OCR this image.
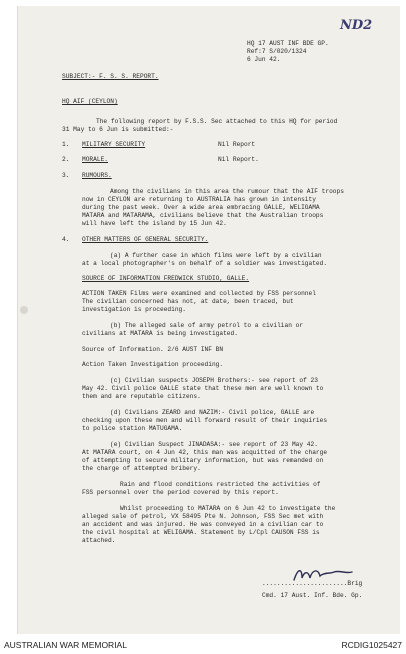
ND2
HQ 17 AUST INF BDE GP.
Ref:7 S/020/1324
6 Jun 42.
SUBJECT:- F. S. S. REPORT.
HQ AIF (CEYLON)
The following report by F.S.S. Sec attached to this HQ for period
31 May to 6 Jun is submitted:-
1. MILITARY SECURITY	Nil Report
2. MORALE.	Nil Report.
3. RUMOURS.
Among the civilians in this area the rumour that the AIF troops
now in CEYLON are returning to AUSTRALIA has grown in intensity
during the past week. Over a wide area embracing GALLE, WELIGAMA
MATARA and MATARAMA, civilians believe that the Australian troops
will have left the island by 15 Jun 42.
4. OTHER MATTERS OF GENERAL SECURITY.
(a) A further case in which films were left by a civilian
at a local photographer's on behalf of a soldier was investigated.
SOURCE OF INFORMATION FREDWICK STUDIO, GALLE.
ACTION TAKEN Films were examined and collected by FSS personnel
The civilian concerned has not, at date, been traced, but
investigation is proceeding.
(b) The alleged sale of army petrol to a civilian or
civilians at MATARA is being investigated.
Source of Information. 2/6 AUST INF BN
Action Taken Investigation proceeding.
(c) Civilian suspects JOSEPH Brothers:- see report of 23
May 42. Civil police GALLE state that these men are well known to
them and are reputable citizens.
(d) Civilians ZEARD and NAZIM:- Civil police, GALLE are
checking upon these men and will forward result of their inquiries
to police station MATUGAMA.
(e) Civilian Suspect JINADASA:- see report of 23 May 42.
At MATARA court, on 4 Jun 42, this man was acquitted of the charge
of attempting to secure military information, but was remanded on
the charge of attempted bribery.
Rain and flood conditions restricted the activities of
FSS personnel over the period covered by this report.
Whilst proceeding to MATARA on 6 Jun 42 to investigate the
alleged sale of petrol, VX 58495 Pte N. Johnson, FSS Sec met with
an accident and was injured. He was conveyed in a civilian car to
the civil hospital at WELIGAMA. Statement by L/Cpl CAUSON FSS is
attached.
.......................Brig
Cmd. 17 Aust. Inf. Bde. Gp.
AUSTRALIAN WAR MEMORIAL	RCDIG1025427
